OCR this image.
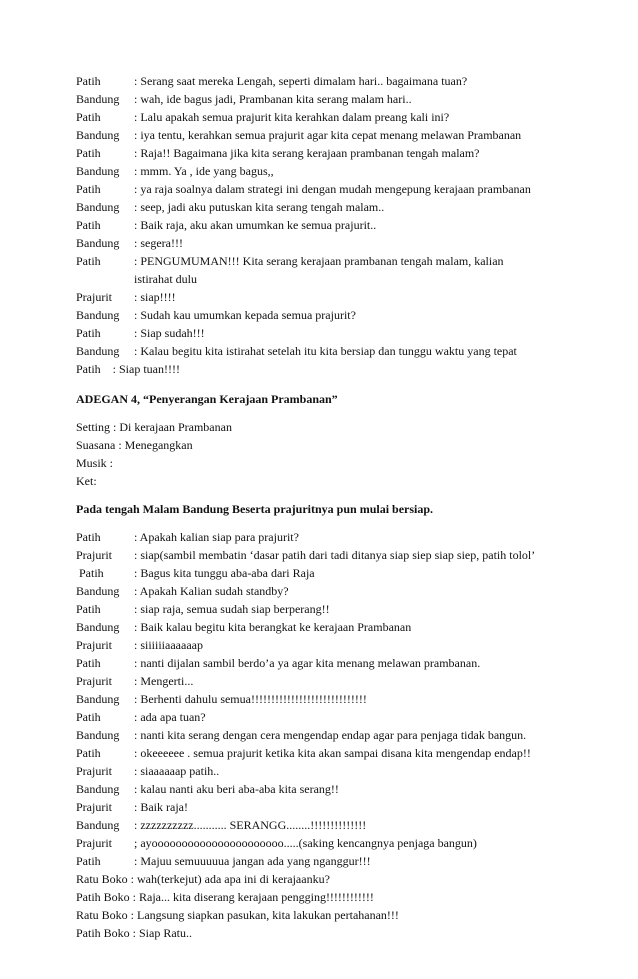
Patih	: Serang saat mereka Lengah, seperti dimalam hari.. bagaimana tuan?
Bandung : wah, ide bagus jadi, Prambanan kita serang malam hari..
Patih	: Lalu apakah semua prajurit kita kerahkan dalam preang kali ini?
Bandung : iya tentu, kerahkan semua prajurit agar kita cepat menang melawan Prambanan
Patih	: Raja!! Bagaimana jika kita serang kerajaan prambanan tengah malam?
Bandung : mmm. Ya , ide yang bagus,,
Patih	: ya raja soalnya dalam strategi ini dengan mudah mengepung kerajaan prambanan
Bandung : seep, jadi aku putuskan kita serang tengah malam..
Patih	: Baik raja, aku akan umumkan ke semua prajurit..
Bandung : segera!!!
Patih	: PENGUMUMAN!!! Kita serang kerajaan prambanan tengah malam, kalian
istirahat dulu
Prajurit : siap!!!!
Bandung : Sudah kau umumkan kepada semua prajurit?
Patih	: Siap sudah!!!
Bandung : Kalau begitu kita istirahat setelah itu kita bersiap dan tunggu waktu yang tepat
Patih    : Siap tuan!!!!
ADEGAN 4, “Penyerangan Kerajaan Prambanan”
Setting : Di kerajaan Prambanan
Suasana : Menegangkan
Musik :
Ket:
Pada tengah Malam Bandung Beserta prajuritnya pun mulai bersiap.
Patih	: Apakah kalian siap para prajurit?
Prajurit : siap(sambil membatin ‘dasar patih dari tadi ditanya siap siep siap siep, patih tolol’
Patih	: Bagus kita tunggu aba-aba dari Raja
Bandung : Apakah Kalian sudah standby?
Patih	: siap raja, semua sudah siap berperang!!
Bandung : Baik kalau begitu kita berangkat ke kerajaan Prambanan
Prajurit : siiiiiiaaaaaap
Patih	: nanti dijalan sambil berdo’a ya agar kita menang melawan prambanan.
Prajurit : Mengerti...
Bandung : Berhenti dahulu semua!!!!!!!!!!!!!!!!!!!!!!!!!!!!!
Patih	: ada apa tuan?
Bandung : nanti kita serang dengan cera mengendap endap agar para penjaga tidak bangun.
Patih	: okeeeeee . semua prajurit ketika kita akan sampai disana kita mengendap endap!!
Prajurit : siaaaaaap patih..
Bandung : kalau nanti aku beri aba-aba kita serang!!
Prajurit : Baik raja!
Bandung : zzzzzzzzzz........... SERANGG........!!!!!!!!!!!!!!
Prajurit ; ayoooooooooooooooooooooo.....(saking kencangnya penjaga bangun)
Patih	: Majuu semuuuuua jangan ada yang nganggur!!!
Ratu Boko : wah(terkejut) ada apa ini di kerajaanku?
Patih Boko : Raja... kita diserang kerajaan pengging!!!!!!!!!!!!
Ratu Boko : Langsung siapkan pasukan, kita lakukan pertahanan!!!
Patih Boko : Siap Ratu..
